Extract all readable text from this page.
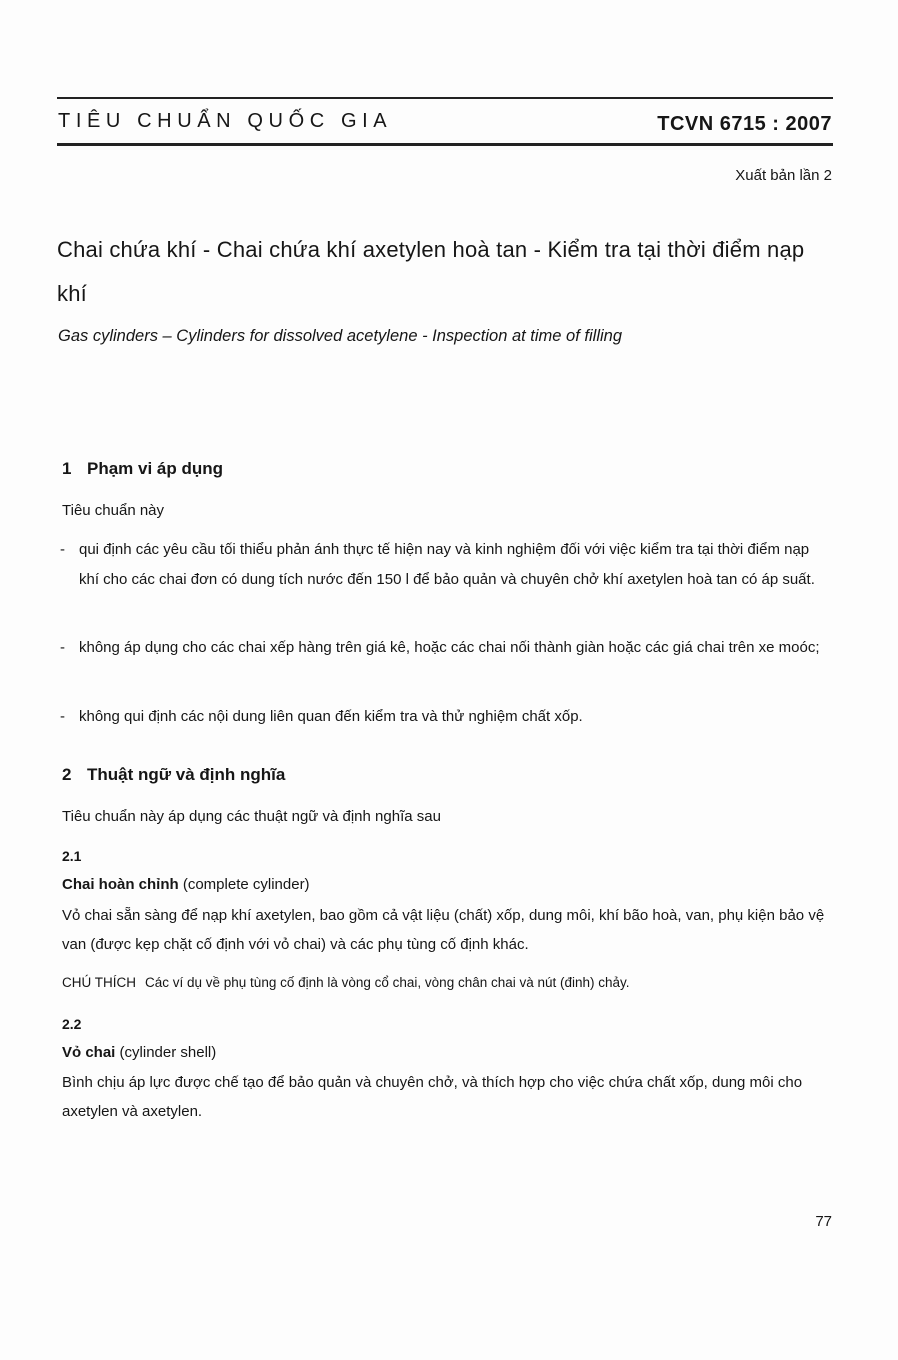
TIÊU CHUẨN QUỐC GIA	TCVN 6715 : 2007
Xuất bản lần 2
Chai chứa khí - Chai chứa khí axetylen hoà tan - Kiểm tra tại thời điểm nạp khí
Gas cylinders – Cylinders for dissolved acetylene - Inspection at time of filling
1 Phạm vi áp dụng
Tiêu chuẩn này
- qui định các yêu cầu tối thiểu phản ánh thực tế hiện nay và kinh nghiệm đối với việc kiểm tra tại thời điểm nạp khí cho các chai đơn có dung tích nước đến 150 l để bảo quản và chuyên chở khí axetylen hoà tan có áp suất.
- không áp dụng cho các chai xếp hàng trên giá kê, hoặc các chai nối thành giàn hoặc các giá chai trên xe moóc;
- không qui định các nội dung liên quan đến kiểm tra và thử nghiệm chất xốp.
2 Thuật ngữ và định nghĩa
Tiêu chuẩn này áp dụng các thuật ngữ và định nghĩa sau
2.1
Chai hoàn chỉnh (complete cylinder)
Vỏ chai sẵn sàng để nạp khí axetylen, bao gồm cả vật liệu (chất) xốp, dung môi, khí bão hoà, van, phụ kiện bảo vệ van (được kẹp chặt cố định với vỏ chai) và các phụ tùng cố định khác.
CHÚ THÍCH Các ví dụ về phụ tùng cố định là vòng cổ chai, vòng chân chai và nút (đinh) chảy.
2.2
Vỏ chai (cylinder shell)
Bình chịu áp lực được chế tạo để bảo quản và chuyên chở, và thích hợp cho việc chứa chất xốp, dung môi cho axetylen và axetylen.
77
